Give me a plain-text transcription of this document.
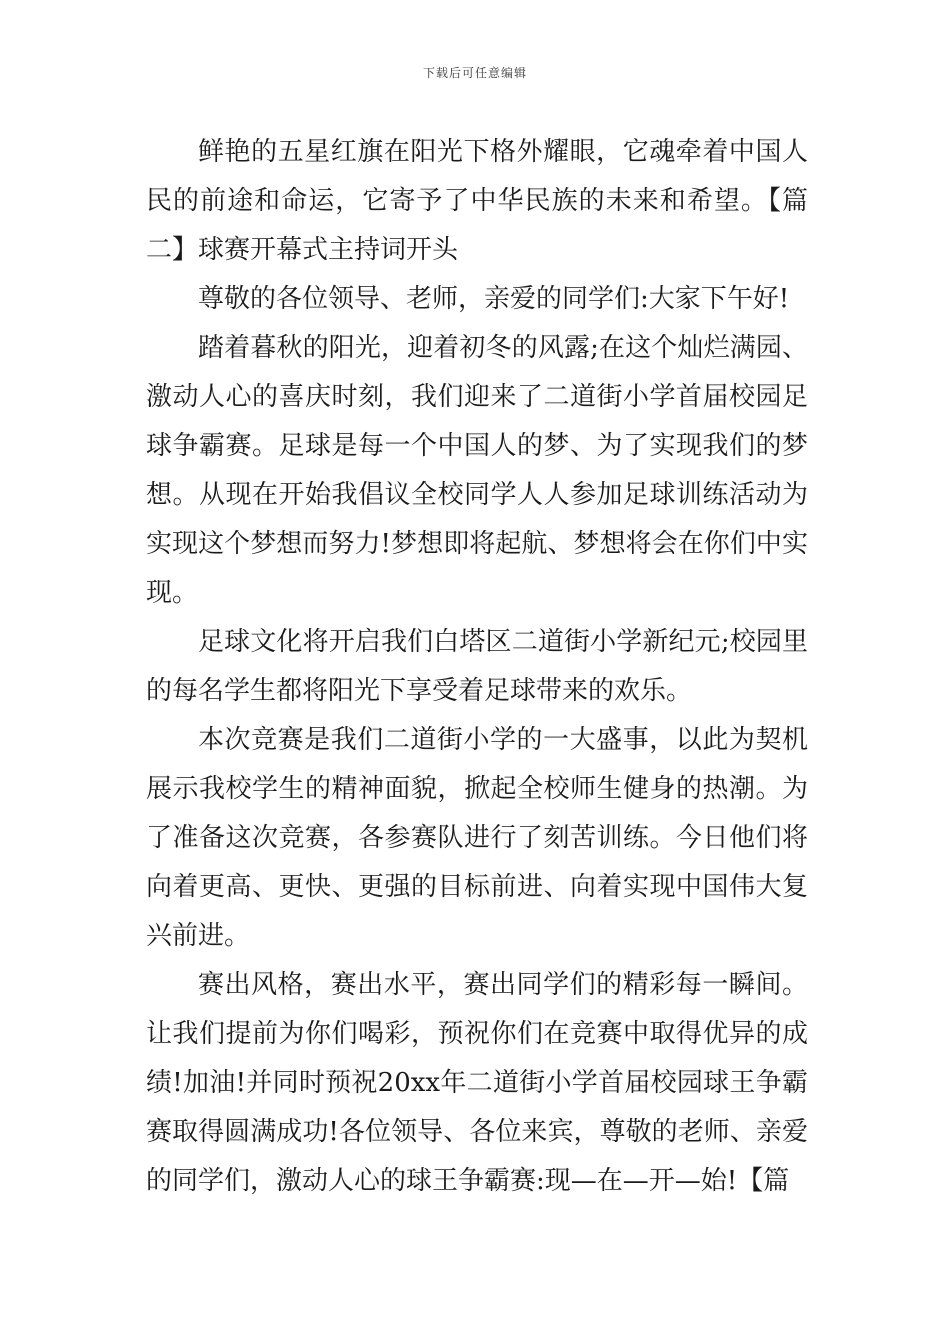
下载后可任意编辑

鲜艳的五星红旗在阳光下格外耀眼，它魂牵着中国人民的前途和命运，它寄予了中华民族的未来和希望。【篇二】球赛开幕式主持词开头

尊敬的各位领导、老师，亲爱的同学们:大家下午好!

踏着暮秋的阳光，迎着初冬的风露;在这个灿烂满园、激动人心的喜庆时刻，我们迎来了二道街小学首届校园足球争霸赛。足球是每一个中国人的梦、为了实现我们的梦想。从现在开始我倡议全校同学人人参加足球训练活动为实现这个梦想而努力!梦想即将起航、梦想将会在你们中实现。

足球文化将开启我们白塔区二道街小学新纪元;校园里的每名学生都将阳光下享受着足球带来的欢乐。

本次竞赛是我们二道街小学的一大盛事，以此为契机展示我校学生的精神面貌，掀起全校师生健身的热潮。为了准备这次竞赛，各参赛队进行了刻苦训练。今日他们将向着更高、更快、更强的目标前进、向着实现中国伟大复兴前进。

赛出风格，赛出水平，赛出同学们的精彩每一瞬间。让我们提前为你们喝彩，预祝你们在竞赛中取得优异的成绩!加油!并同时预祝20xx年二道街小学首届校园球王争霸赛取得圆满成功!各位领导、各位来宾，尊敬的老师、亲爱的同学们，激动人心的球王争霸赛:现—在—开—始!【篇
